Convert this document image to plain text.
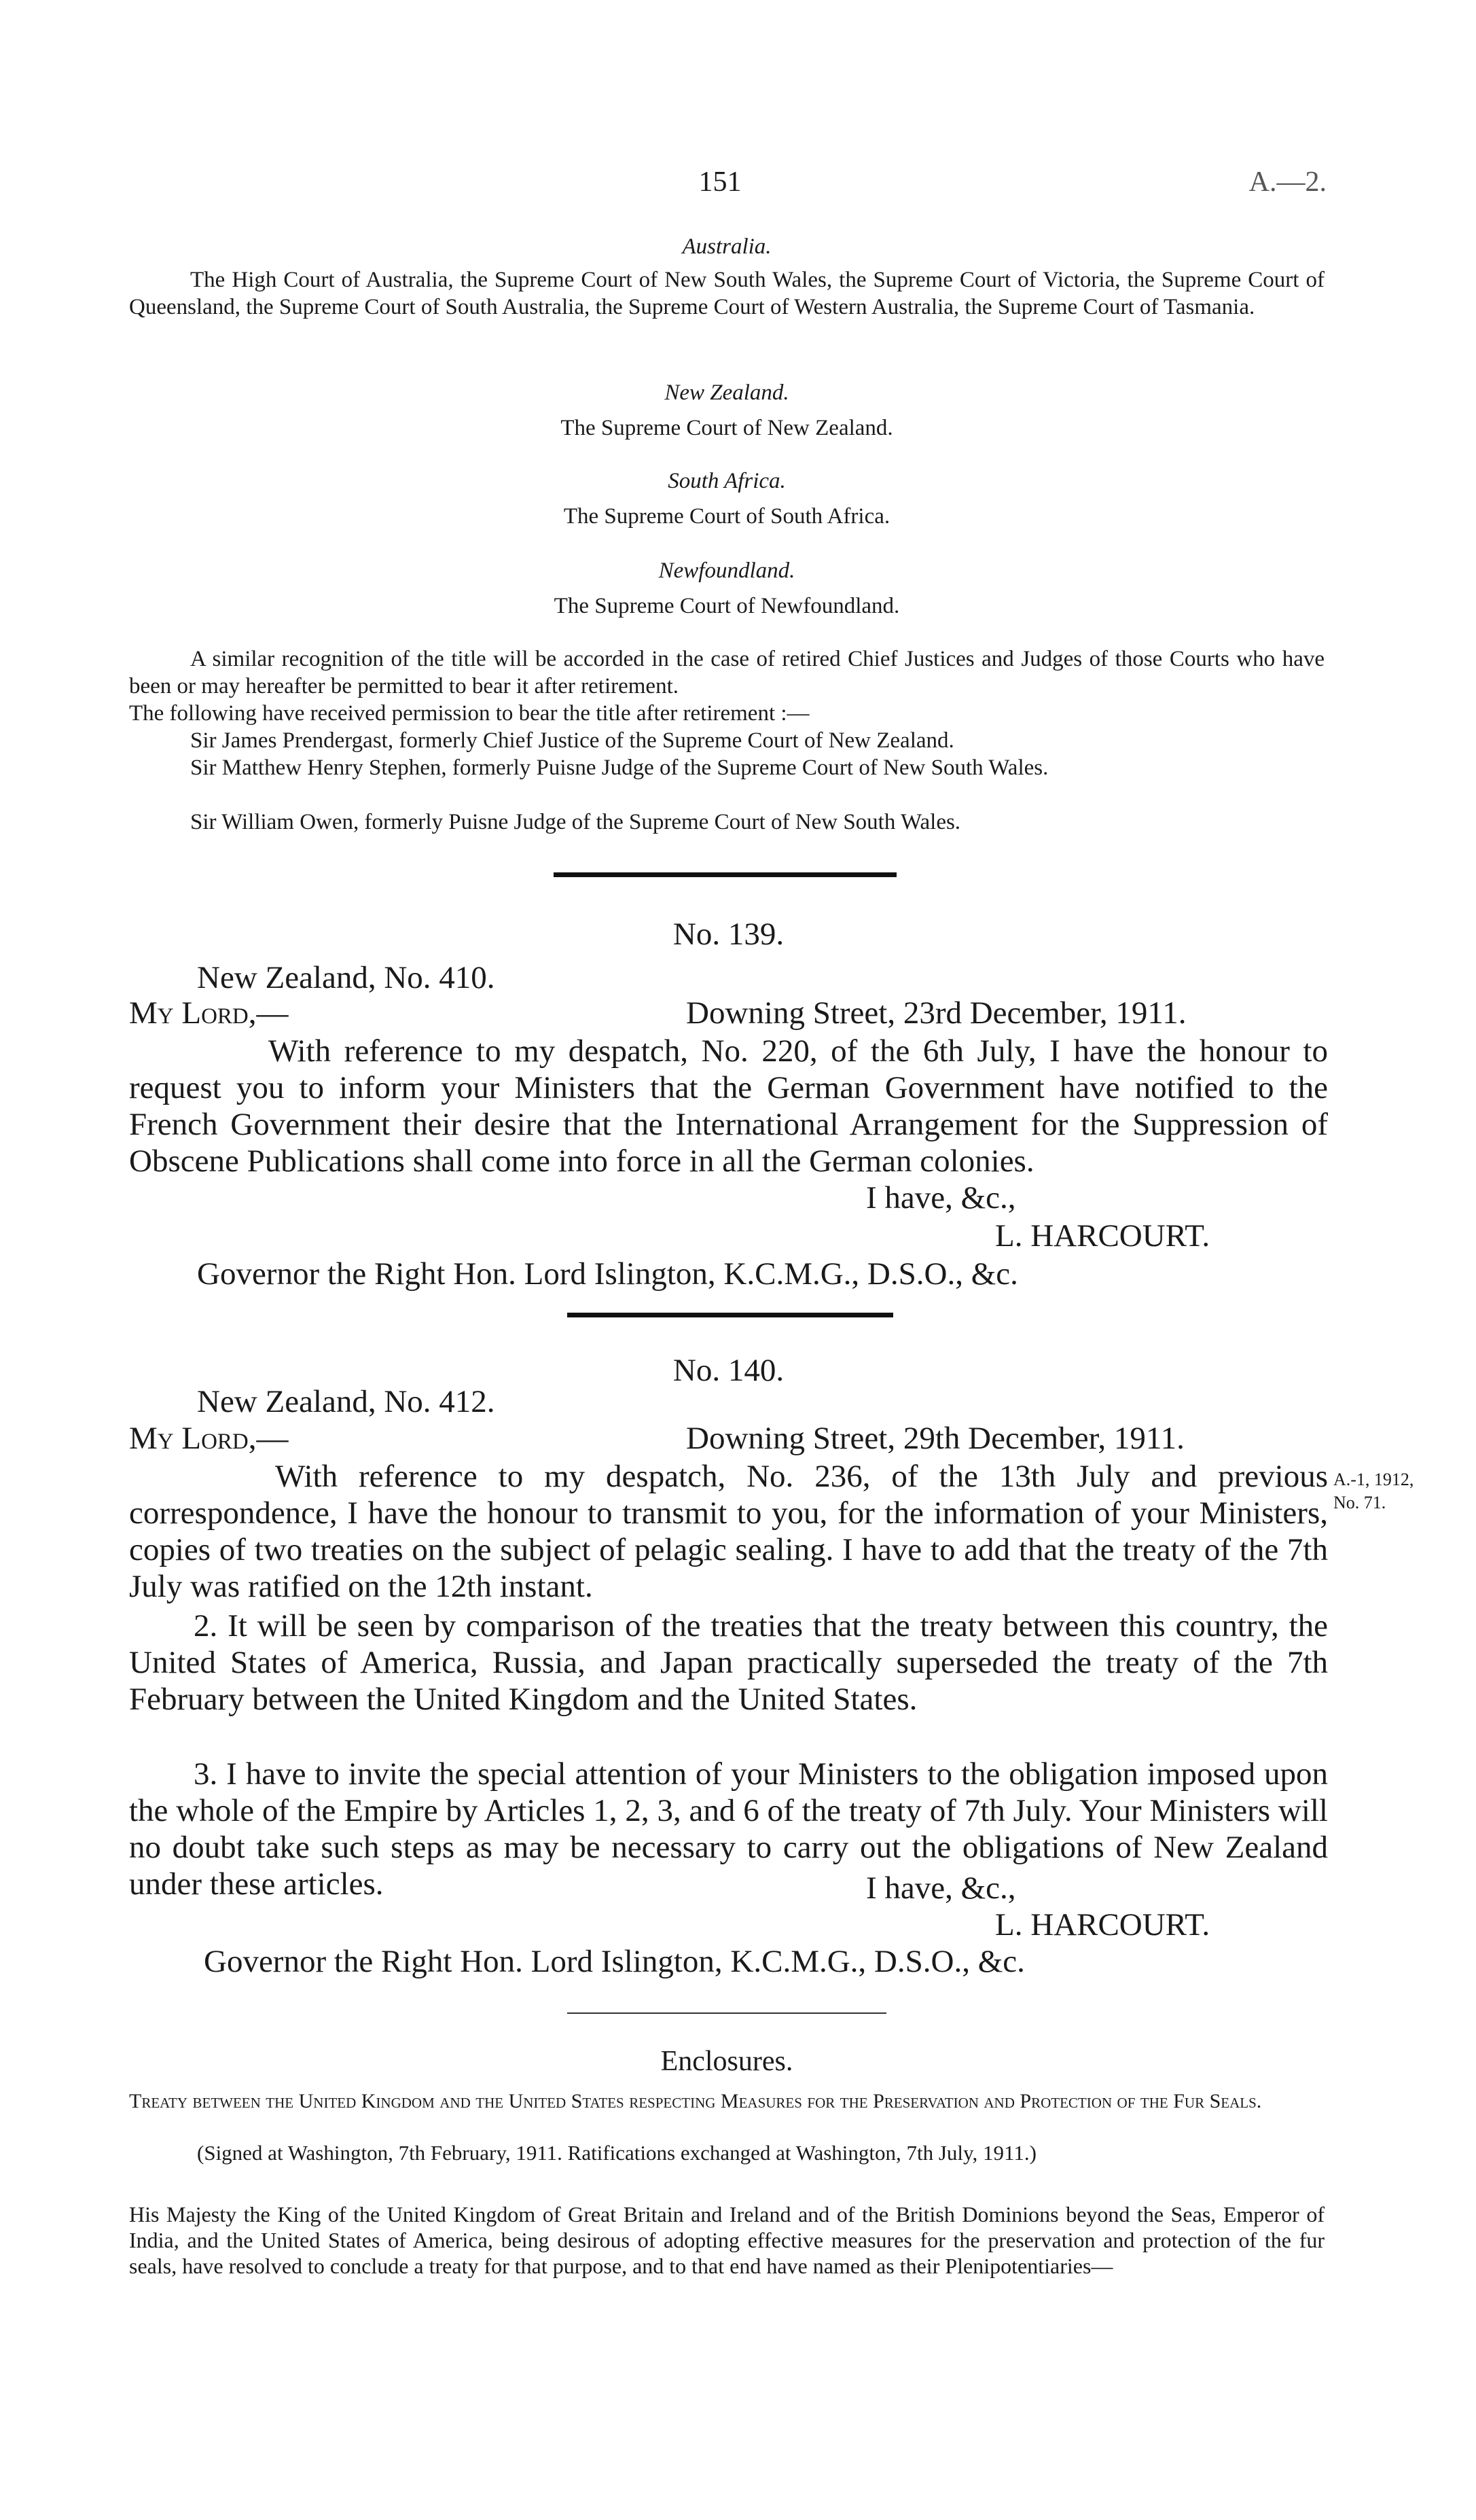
151	A.—2.
Australia.
The High Court of Australia, the Supreme Court of New South Wales, the Supreme Court of Victoria, the Supreme Court of Queensland, the Supreme Court of South Australia, the Supreme Court of Western Australia, the Supreme Court of Tasmania.
New Zealand.
The Supreme Court of New Zealand.
South Africa.
The Supreme Court of South Africa.
Newfoundland.
The Supreme Court of Newfoundland.
A similar recognition of the title will be accorded in the case of retired Chief Justices and Judges of those Courts who have been or may hereafter be permitted to bear it after retirement.
The following have received permission to bear the title after retirement :—
Sir James Prendergast, formerly Chief Justice of the Supreme Court of New Zealand.
Sir Matthew Henry Stephen, formerly Puisne Judge of the Supreme Court of New South Wales.
Sir William Owen, formerly Puisne Judge of the Supreme Court of New South Wales.
No. 139.
New Zealand, No. 410.
My Lord,—	Downing Street, 23rd December, 1911.
With reference to my despatch, No. 220, of the 6th July, I have the honour to request you to inform your Ministers that the German Government have notified to the French Government their desire that the International Arrangement for the Suppression of Obscene Publications shall come into force in all the German colonies.
I have, &c.,
L. HARCOURT.
Governor the Right Hon. Lord Islington, K.C.M.G., D.S.O., &c.
No. 140.
New Zealand, No. 412.
My Lord,—	Downing Street, 29th December, 1911.
With reference to my despatch, No. 236, of the 13th July and previous correspondence, I have the honour to transmit to you, for the information of your Ministers, copies of two treaties on the subject of pelagic sealing. I have to add that the treaty of the 7th July was ratified on the 12th instant.
2. It will be seen by comparison of the treaties that the treaty between this country, the United States of America, Russia, and Japan practically superseded the treaty of the 7th February between the United Kingdom and the United States.
3. I have to invite the special attention of your Ministers to the obligation imposed upon the whole of the Empire by Articles 1, 2, 3, and 6 of the treaty of 7th July. Your Ministers will no doubt take such steps as may be necessary to carry out the obligations of New Zealand under these articles.	I have, &c.,
L. HARCOURT.
Governor the Right Hon. Lord Islington, K.C.M.G., D.S.O., &c.
A.-1, 1912,
No. 71.
Enclosures.
Treaty between the United Kingdom and the United States respecting Measures for the Preservation and Protection of the Fur Seals.
(Signed at Washington, 7th February, 1911. Ratifications exchanged at Washington, 7th July, 1911.)
His Majesty the King of the United Kingdom of Great Britain and Ireland and of the British Dominions beyond the Seas, Emperor of India, and the United States of America, being desirous of adopting effective measures for the preservation and protection of the fur seals, have resolved to conclude a treaty for that purpose, and to that end have named as their Plenipotentiaries—
